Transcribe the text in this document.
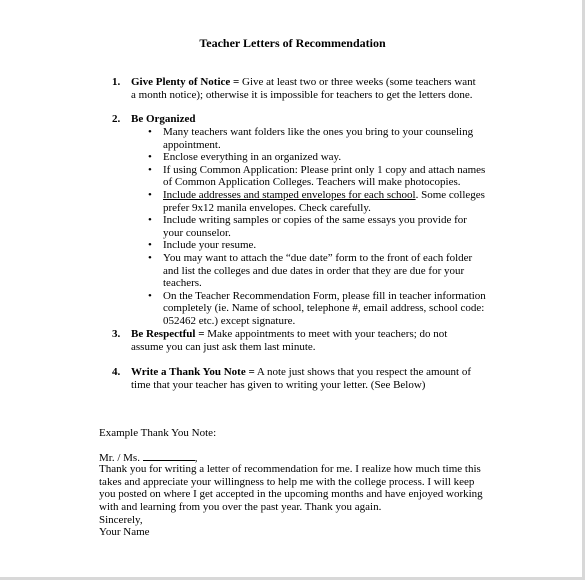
Teacher Letters of Recommendation
1. Give Plenty of Notice = Give at least two or three weeks (some teachers want a month notice); otherwise it is impossible for teachers to get the letters done.
2. Be Organized
• Many teachers want folders like the ones you bring to your counseling appointment.
• Enclose everything in an organized way.
• If using Common Application: Please print only 1 copy and attach names of Common Application Colleges. Teachers will make photocopies.
• Include addresses and stamped envelopes for each school. Some colleges prefer 9x12 manila envelopes. Check carefully.
• Include writing samples or copies of the same essays you provide for your counselor.
• Include your resume.
• You may want to attach the “due date” form to the front of each folder and list the colleges and due dates in order that they are due for your teachers.
• On the Teacher Recommendation Form, please fill in teacher information completely (ie. Name of school, telephone #, email address, school code: 052462 etc.) except signature.
3. Be Respectful = Make appointments to meet with your teachers; do not assume you can just ask them last minute.
4. Write a Thank You Note = A note just shows that you respect the amount of time that your teacher has given to writing your letter. (See Below)
Example Thank You Note:
Mr. / Ms.	,
Thank you for writing a letter of recommendation for me. I realize how much time this takes and appreciate your willingness to help me with the college process. I will keep you posted on where I get accepted in the upcoming months and have enjoyed working with and learning from you over the past year. Thank you again.
Sincerely,
Your Name
